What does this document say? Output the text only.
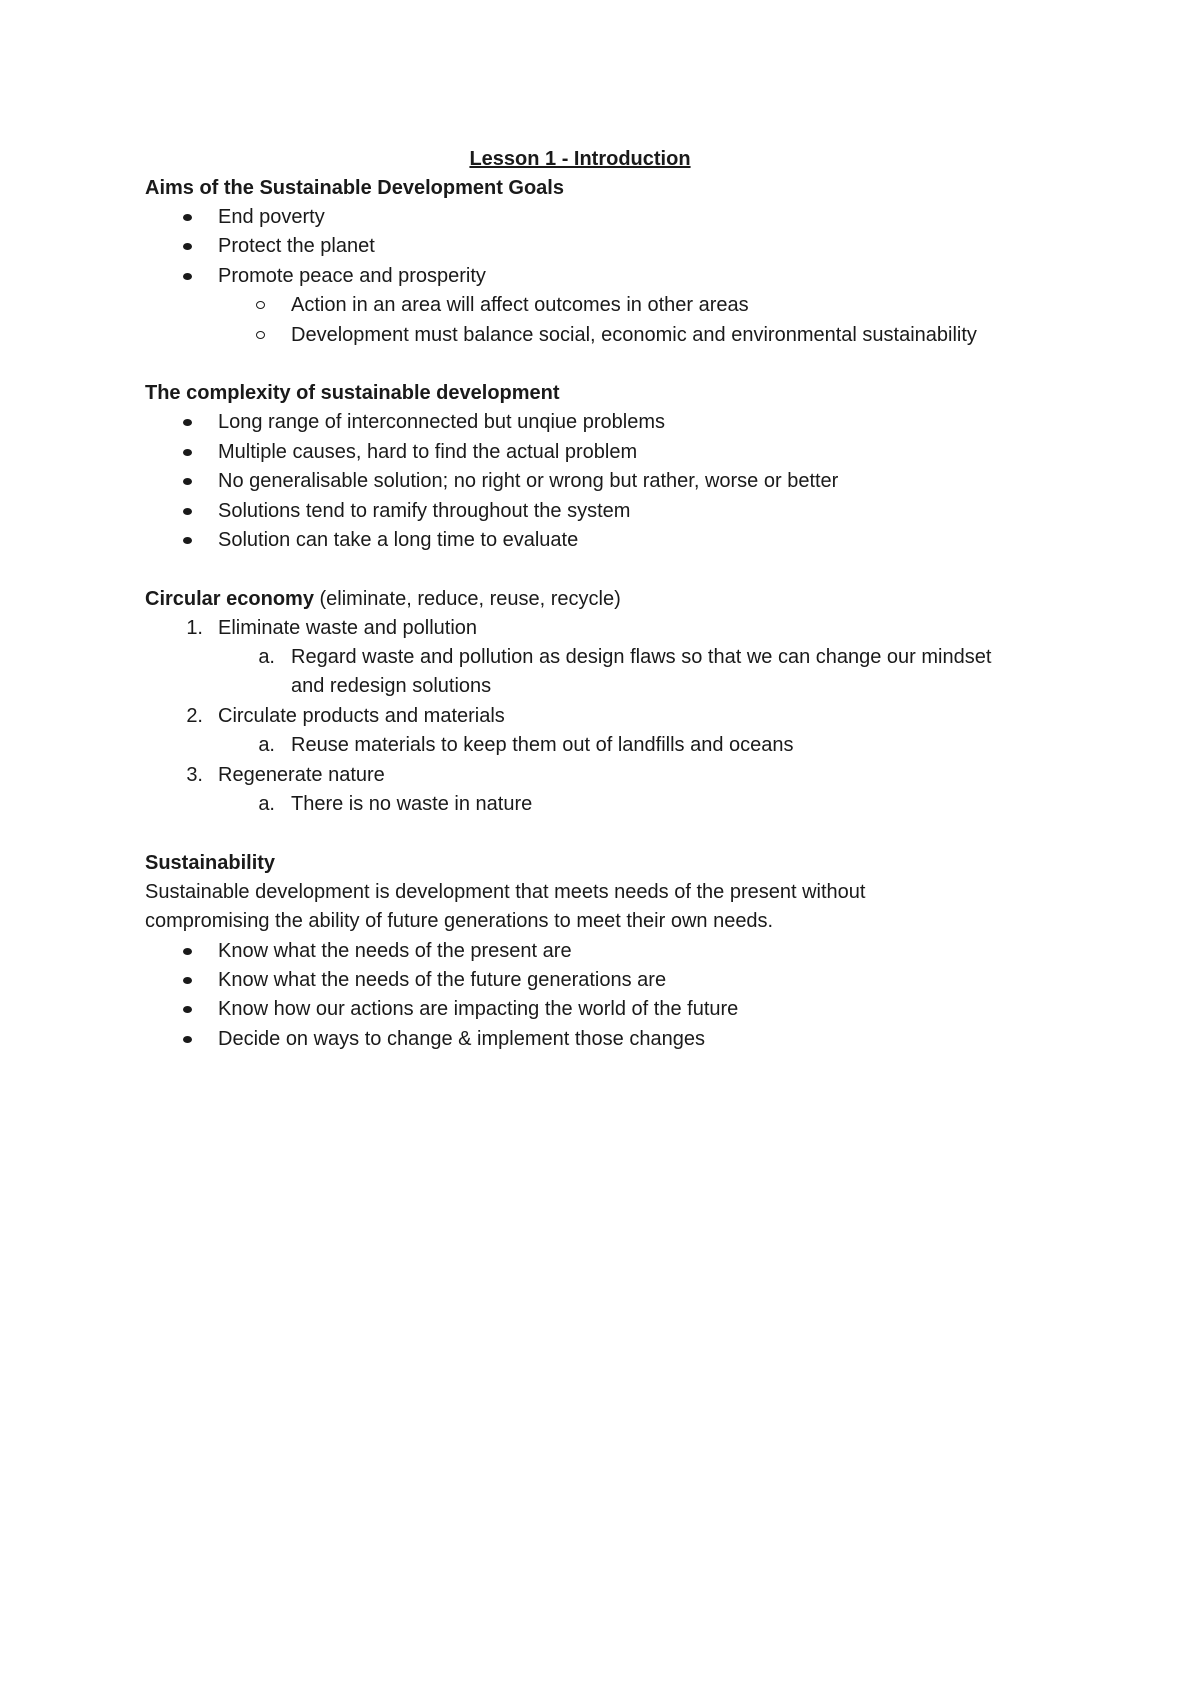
Lesson 1 - Introduction
Aims of the Sustainable Development Goals
End poverty
Protect the planet
Promote peace and prosperity
Action in an area will affect outcomes in other areas
Development must balance social, economic and environmental sustainability
The complexity of sustainable development
Long range of interconnected but unqiue problems
Multiple causes, hard to find the actual problem
No generalisable solution; no right or wrong but rather, worse or better
Solutions tend to ramify throughout the system
Solution can take a long time to evaluate
Circular economy (eliminate, reduce, reuse, recycle)
1. Eliminate waste and pollution
a. Regard waste and pollution as design flaws so that we can change our mindset and redesign solutions
2. Circulate products and materials
a. Reuse materials to keep them out of landfills and oceans
3. Regenerate nature
a. There is no waste in nature
Sustainability
Sustainable development is development that meets needs of the present without compromising the ability of future generations to meet their own needs.
Know what the needs of the present are
Know what the needs of the future generations are
Know how our actions are impacting the world of the future
Decide on ways to change & implement those changes
